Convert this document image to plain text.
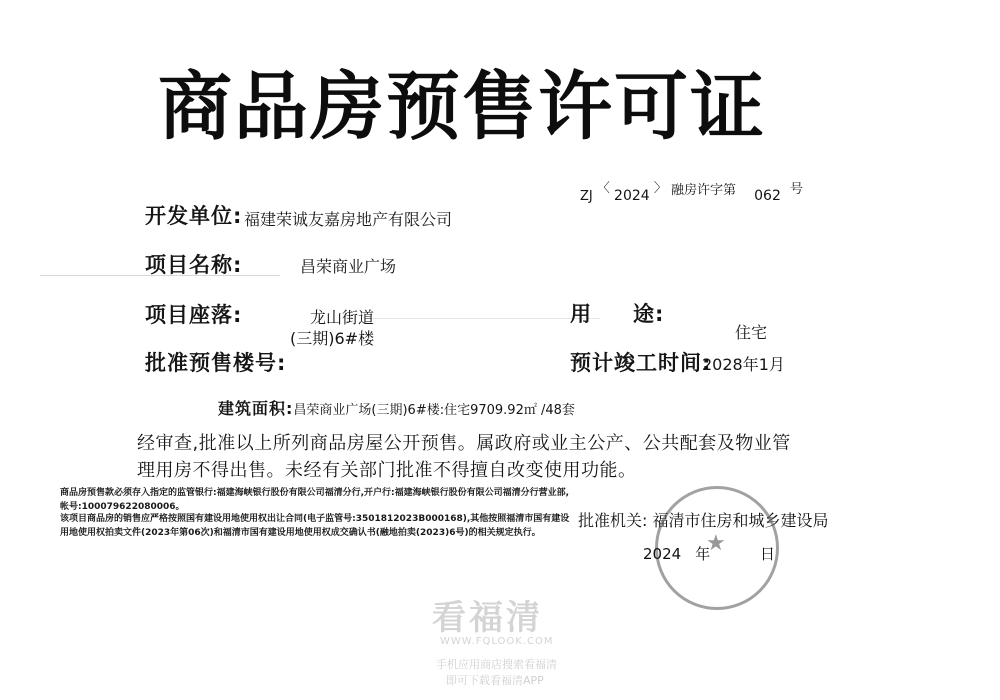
商品房预售许可证
ZJ 〈 2024 〉 融房许字第 062 号
开发单位: 福建荣诚友嘉房地产有限公司
项目名称:	昌荣商业广场
项目座落:	龙山街道
(三期)6#楼
用 途:
住宅
批准预售楼号:	预计竣工时间:
2028年1月
建筑面积:昌荣商业广场(三期)6#楼:住宅9709.92㎡ /48套
经审查,批准以上所列商品房屋公开预售。属政府或业主公产、公共配套及物业管理用房不得出售。未经有关部门批准不得擅自改变使用功能。
商品房预售款必须存入指定的监管银行:福建海峡银行股份有限公司福清分行,开户行:福建海峡银行股份有限公司福清分行营业部,帐号:100079622080006。
该项目商品房的销售应严格按照国有建设用地使用权出让合同(电子监管号:3501812023B000168),其他按照福清市国有建设用地使用权拍卖文件(2023年第06次)和福清市国有建设用地使用权成交确认书(融地拍卖(2023)6号)的相关规定执行。
批准机关: 福清市住房和城乡建设局
★
2024 年	日
看福清
WWW.FQLOOK.COM
手机应用商店搜索看福清
即可下载看福清APP
